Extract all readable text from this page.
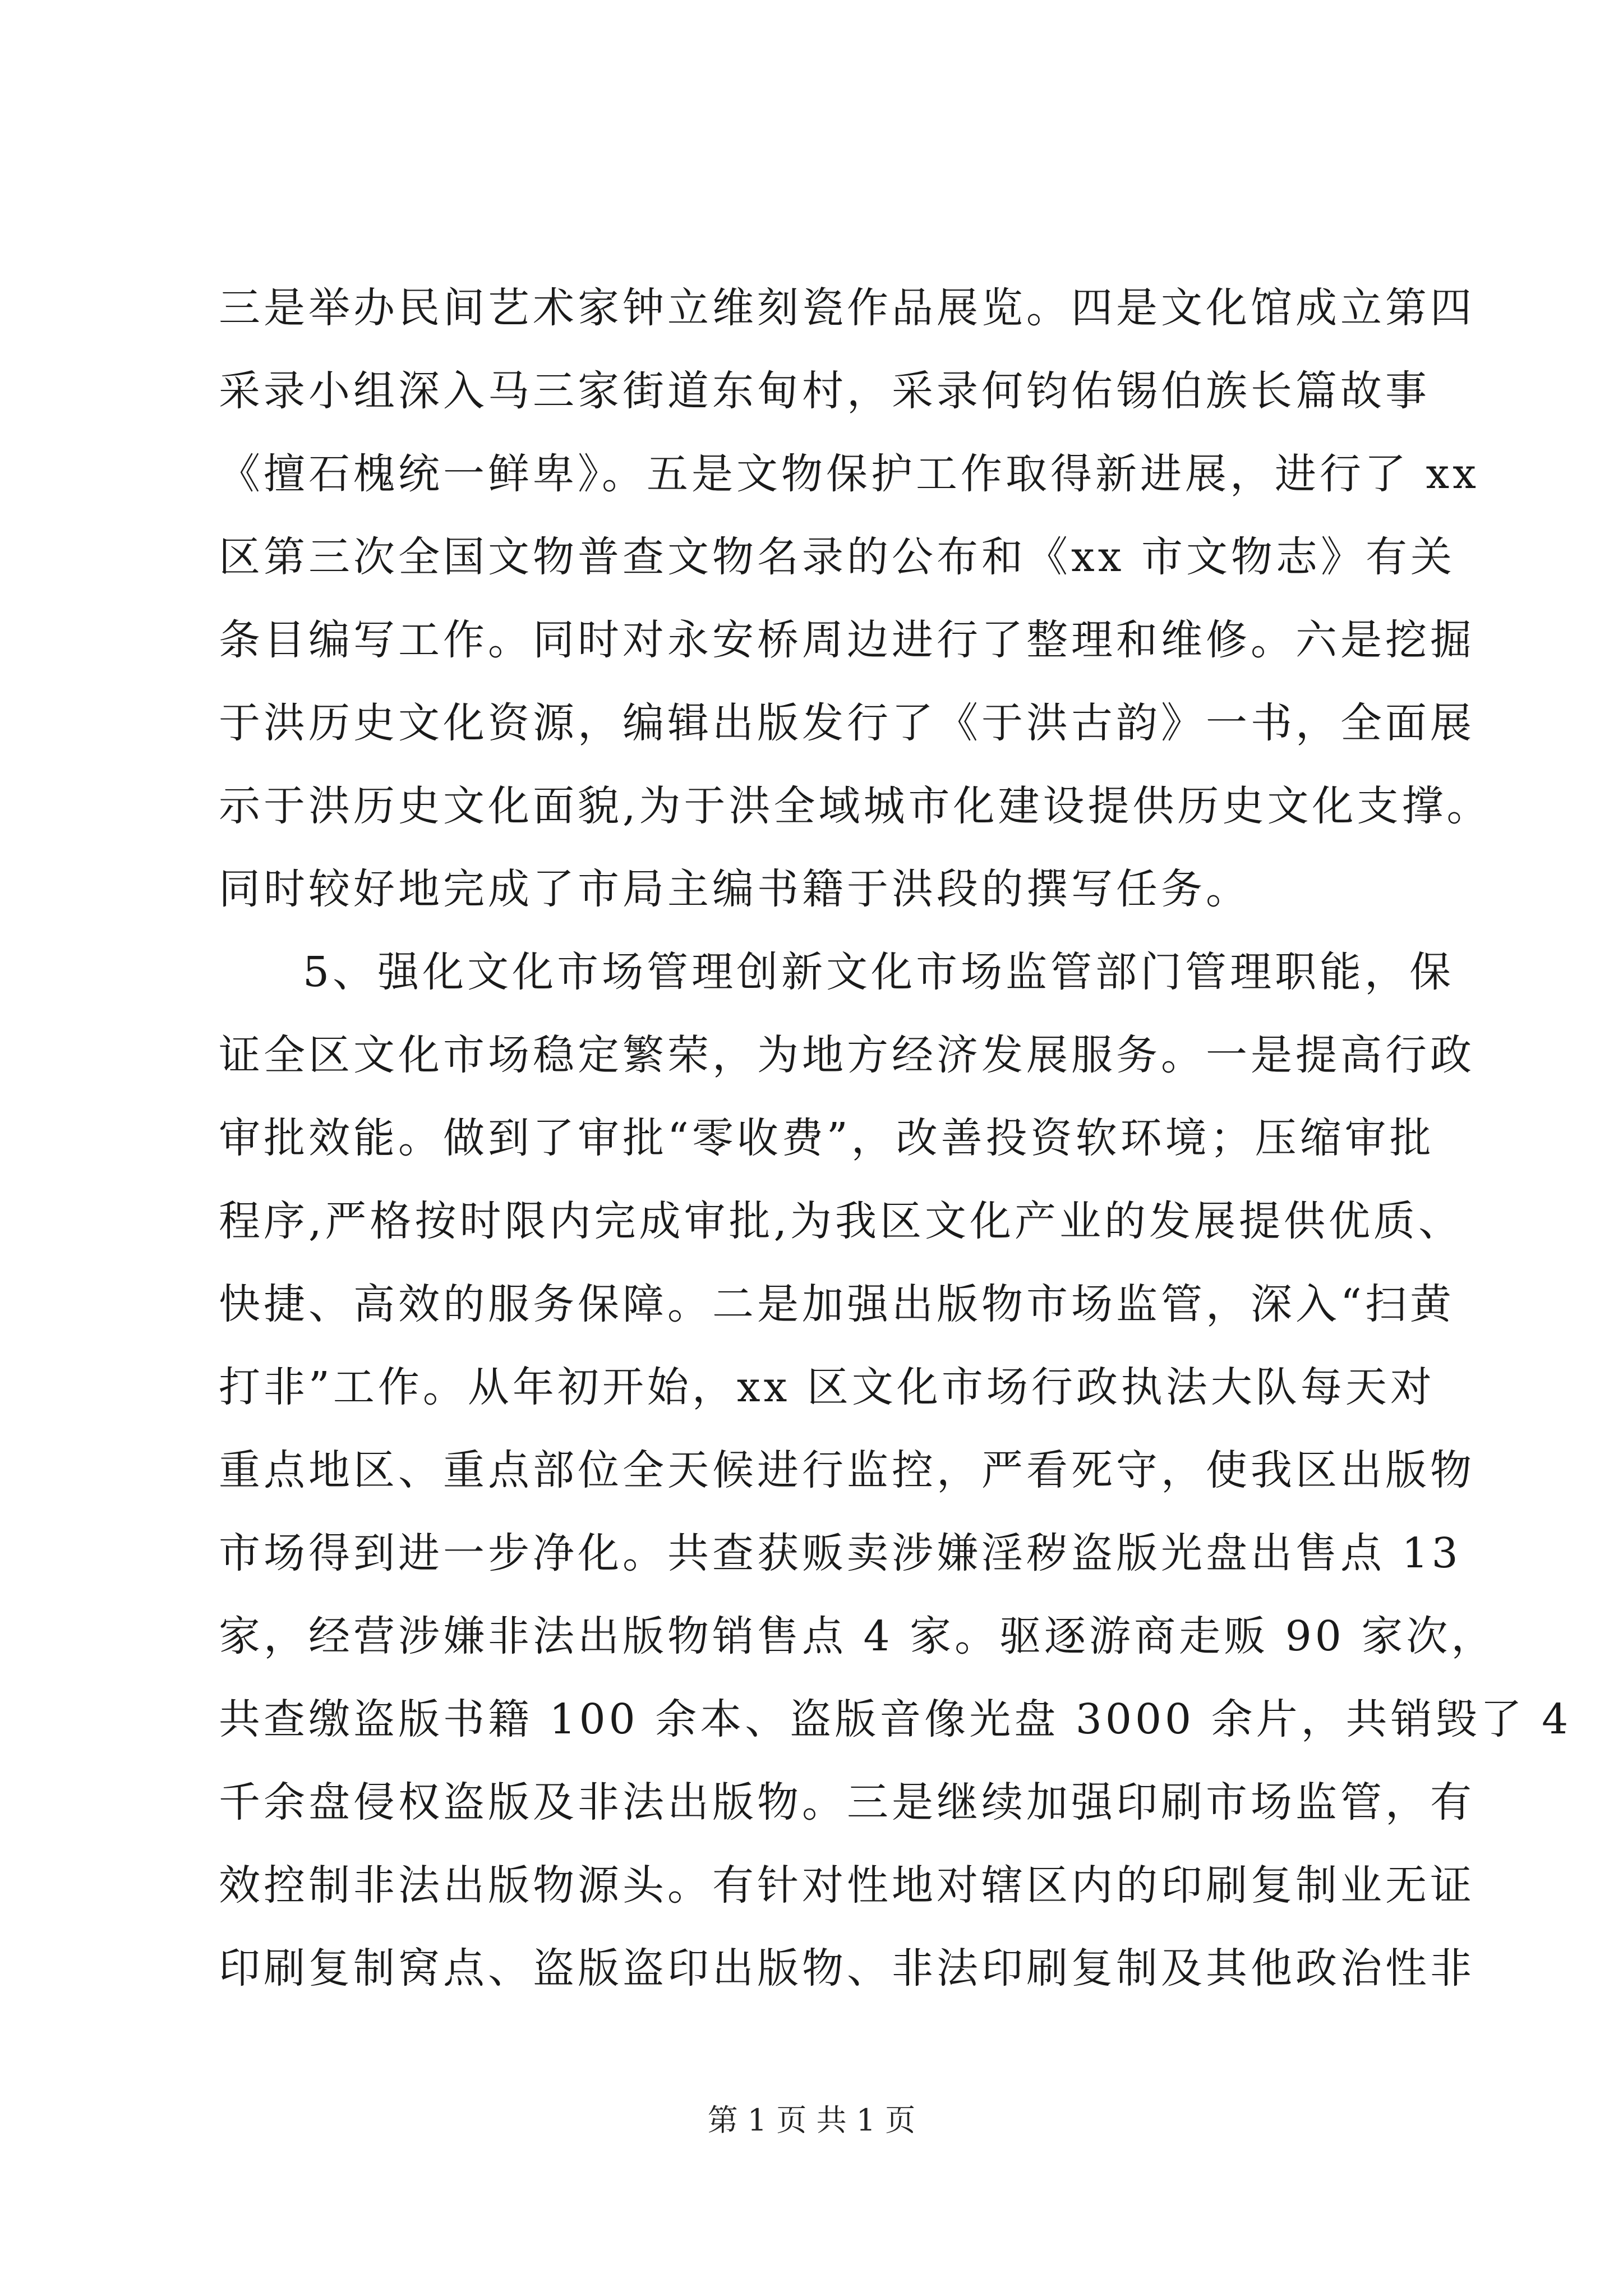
三是举办民间艺术家钟立维刻瓷作品展览。四是文化馆成立第四
采录小组深入马三家街道东甸村，采录何钧佑锡伯族长篇故事
《擅石槐统一鲜卑》。五是文物保护工作取得新进展，进行了 xx
区第三次全国文物普查文物名录的公布和《xx 市文物志》有关
条目编写工作。同时对永安桥周边进行了整理和维修。六是挖掘
于洪历史文化资源，编辑出版发行了《于洪古韵》一书，全面展
示于洪历史文化面貌,为于洪全域城市化建设提供历史文化支撑。
同时较好地完成了市局主编书籍于洪段的撰写任务。
5、强化文化市场管理创新文化市场监管部门管理职能，保
证全区文化市场稳定繁荣，为地方经济发展服务。一是提高行政
审批效能。做到了审批“零收费”，改善投资软环境；压缩审批
程序,严格按时限内完成审批,为我区文化产业的发展提供优质、
快捷、高效的服务保障。二是加强出版物市场监管，深入“扫黄
打非”工作。从年初开始，xx 区文化市场行政执法大队每天对
重点地区、重点部位全天候进行监控，严看死守，使我区出版物
市场得到进一步净化。共查获贩卖涉嫌淫秽盗版光盘出售点 13
家，经营涉嫌非法出版物销售点 4 家。驱逐游商走贩 90 家次，
共查缴盗版书籍 100 余本、盗版音像光盘 3000 余片，共销毁了 4
千余盘侵权盗版及非法出版物。三是继续加强印刷市场监管，有
效控制非法出版物源头。有针对性地对辖区内的印刷复制业无证
印刷复制窝点、盗版盗印出版物、非法印刷复制及其他政治性非
第 1 页 共 1 页
